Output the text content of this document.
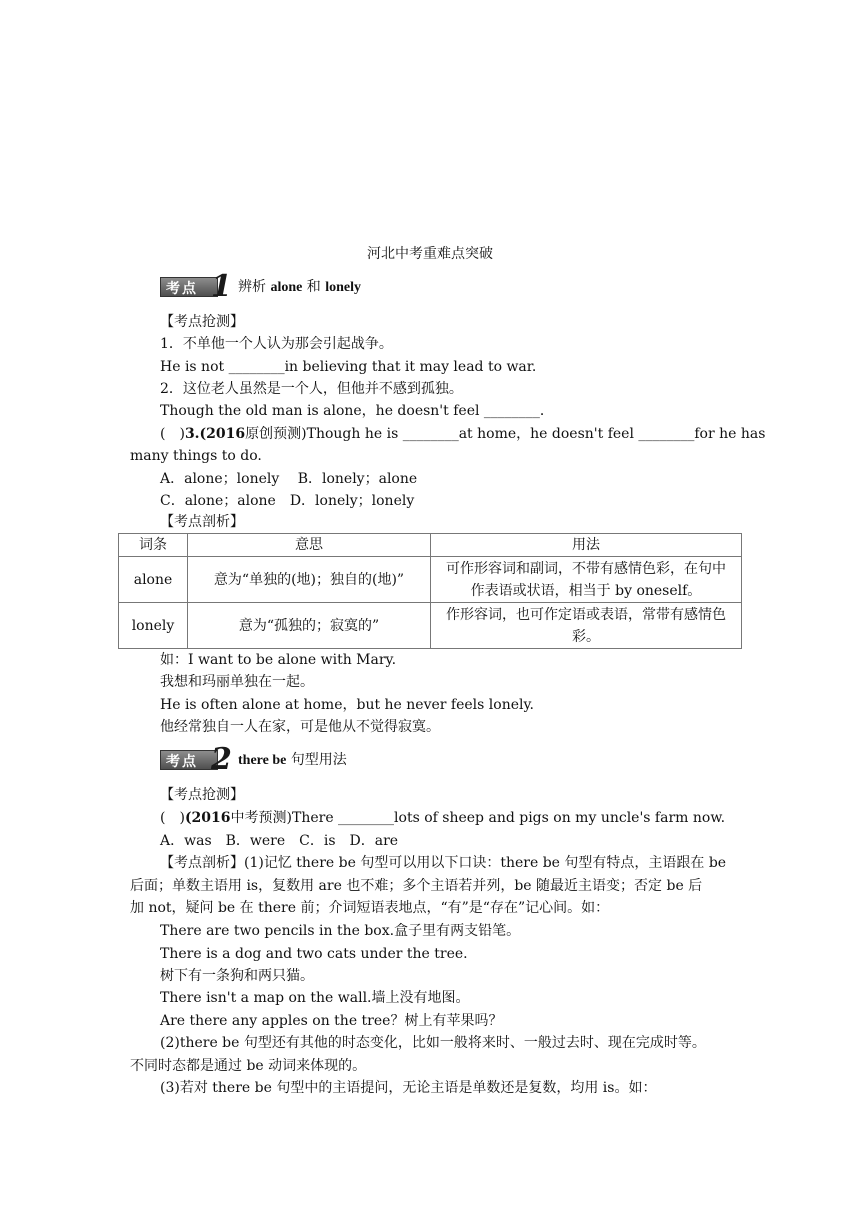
河北中考重难点突破
考点 1 辨析 alone 和 lonely
【考点抢测】
1．不单他一个人认为那会引起战争。
He is not ________in believing that it may lead to war.
2．这位老人虽然是一个人，但他并不感到孤独。
Though the old man is alone，he doesn't feel ________．
(　)3.(2016原创预测)Though he is ________at home，he doesn't feel ________for he has
many things to do.
A．alone；lonely　 B．lonely；alone
C．alone；alone　D．lonely；lonely
【考点剖析】
词条	意思	用法
alone	意为“单独的(地)；独自的(地)”	可作形容词和副词，不带有感情色彩，在句中
作表语或状语，相当于 by oneself。

lonely	意为“孤独的；寂寞的”	作形容词，也可作定语或表语，常带有感情色
彩。
如：I want to be alone with Mary.
我想和玛丽单独在一起。
He is often alone at home，but he never feels lonely.
他经常独自一人在家，可是他从不觉得寂寞。
考点 2 there be 句型用法
【考点抢测】
(　)(2016中考预测)There ________lots of sheep and pigs on my uncle's farm now.
A．was　B．were　C．is　D．are
【考点剖析】(1)记忆 there be 句型可以用以下口诀：there be 句型有特点，主语跟在 be
后面；单数主语用 is，复数用 are 也不难；多个主语若并列，be 随最近主语变；否定 be 后
加 not，疑问 be 在 there 前；介词短语表地点，“有”是“存在”记心间。如：
There are two pencils in the box.盒子里有两支铅笔。
There is a dog and two cats under the tree.
树下有一条狗和两只猫。
There isn't a map on the wall.墙上没有地图。
Are there any apples on the tree？树上有苹果吗？
(2)there be 句型还有其他的时态变化，比如一般将来时、一般过去时、现在完成时等。
不同时态都是通过 be 动词来体现的。
(3)若对 there be 句型中的主语提问，无论主语是单数还是复数，均用 is。如：
